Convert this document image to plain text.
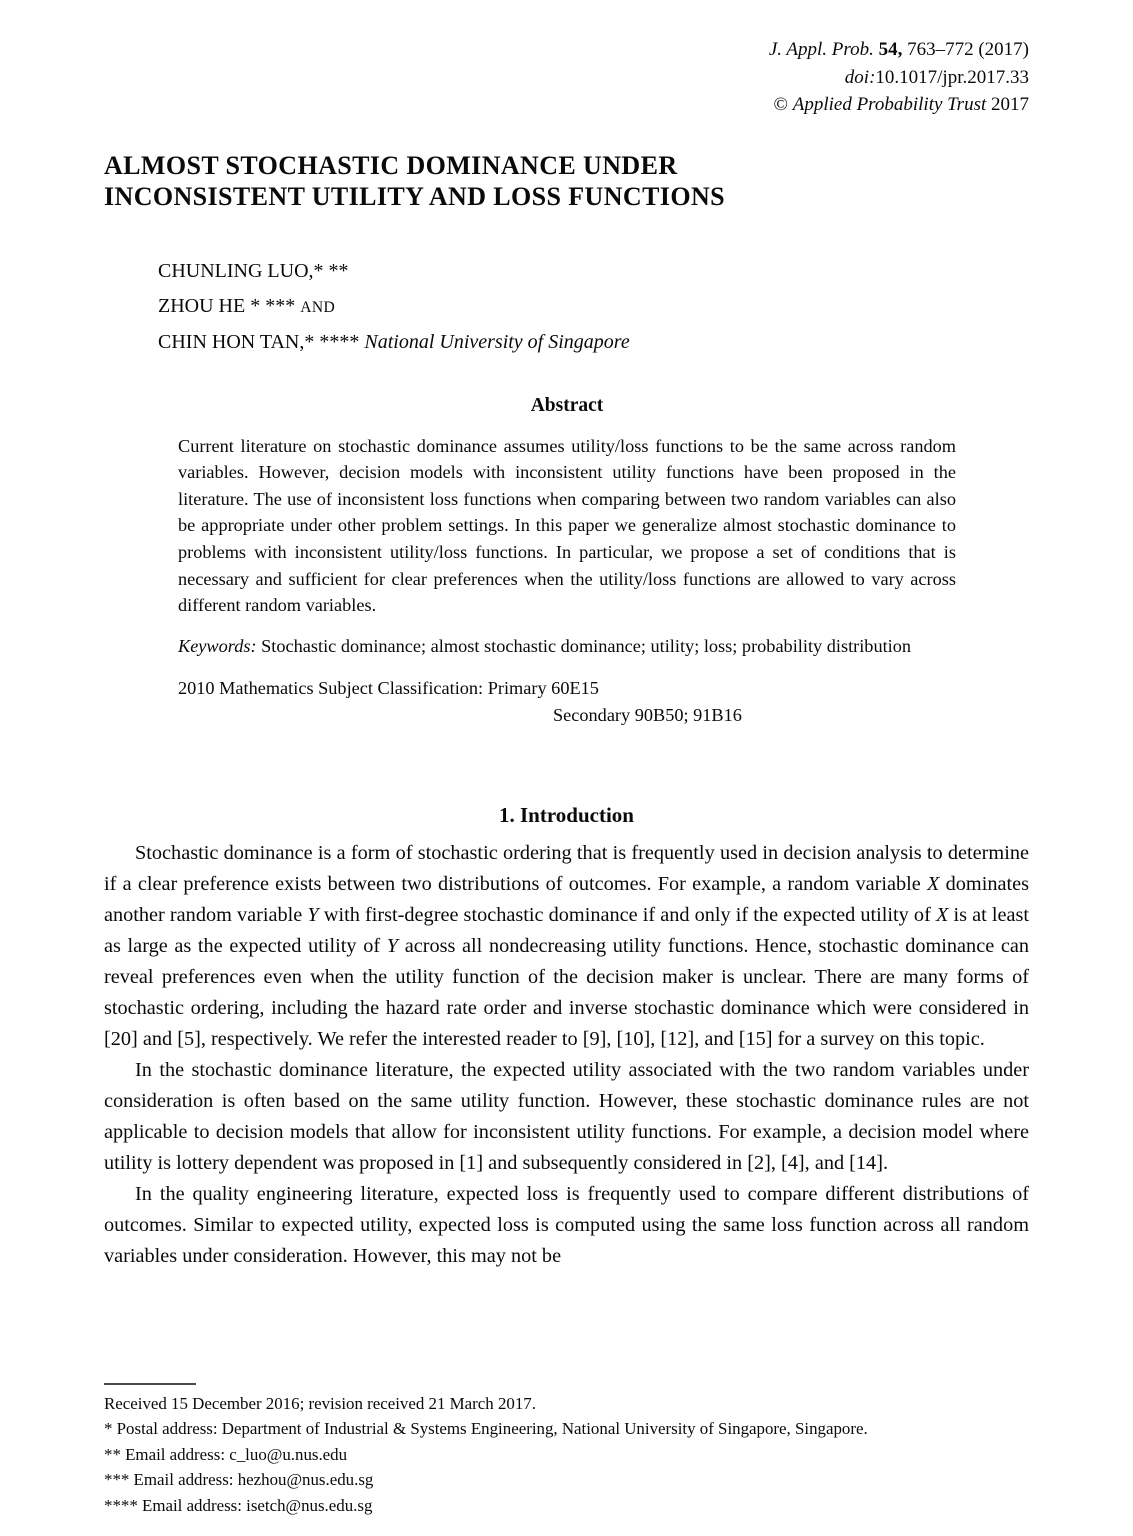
J. Appl. Prob. 54, 763–772 (2017)
doi:10.1017/jpr.2017.33
© Applied Probability Trust 2017
ALMOST STOCHASTIC DOMINANCE UNDER
INCONSISTENT UTILITY AND LOSS FUNCTIONS
CHUNLING LUO,* **
ZHOU HE * *** AND
CHIN HON TAN,* **** National University of Singapore
Abstract

Current literature on stochastic dominance assumes utility/loss functions to be the same across random variables. However, decision models with inconsistent utility functions have been proposed in the literature. The use of inconsistent loss functions when comparing between two random variables can also be appropriate under other problem settings. In this paper we generalize almost stochastic dominance to problems with inconsistent utility/loss functions. In particular, we propose a set of conditions that is necessary and sufficient for clear preferences when the utility/loss functions are allowed to vary across different random variables.

Keywords: Stochastic dominance; almost stochastic dominance; utility; loss; probability distribution

2010 Mathematics Subject Classification: Primary 60E15
Secondary 90B50; 91B16
1. Introduction

Stochastic dominance is a form of stochastic ordering that is frequently used in decision analysis to determine if a clear preference exists between two distributions of outcomes. For example, a random variable X dominates another random variable Y with first-degree stochastic dominance if and only if the expected utility of X is at least as large as the expected utility of Y across all nondecreasing utility functions. Hence, stochastic dominance can reveal preferences even when the utility function of the decision maker is unclear. There are many forms of stochastic ordering, including the hazard rate order and inverse stochastic dominance which were considered in [20] and [5], respectively. We refer the interested reader to [9], [10], [12], and [15] for a survey on this topic.

In the stochastic dominance literature, the expected utility associated with the two random variables under consideration is often based on the same utility function. However, these stochastic dominance rules are not applicable to decision models that allow for inconsistent utility functions. For example, a decision model where utility is lottery dependent was proposed in [1] and subsequently considered in [2], [4], and [14].

In the quality engineering literature, expected loss is frequently used to compare different distributions of outcomes. Similar to expected utility, expected loss is computed using the same loss function across all random variables under consideration. However, this may not be

Received 15 December 2016; revision received 21 March 2017.
* Postal address: Department of Industrial & Systems Engineering, National University of Singapore, Singapore.
** Email address: c_luo@u.nus.edu
*** Email address: hezhou@nus.edu.sg
**** Email address: isetch@nus.edu.sg
